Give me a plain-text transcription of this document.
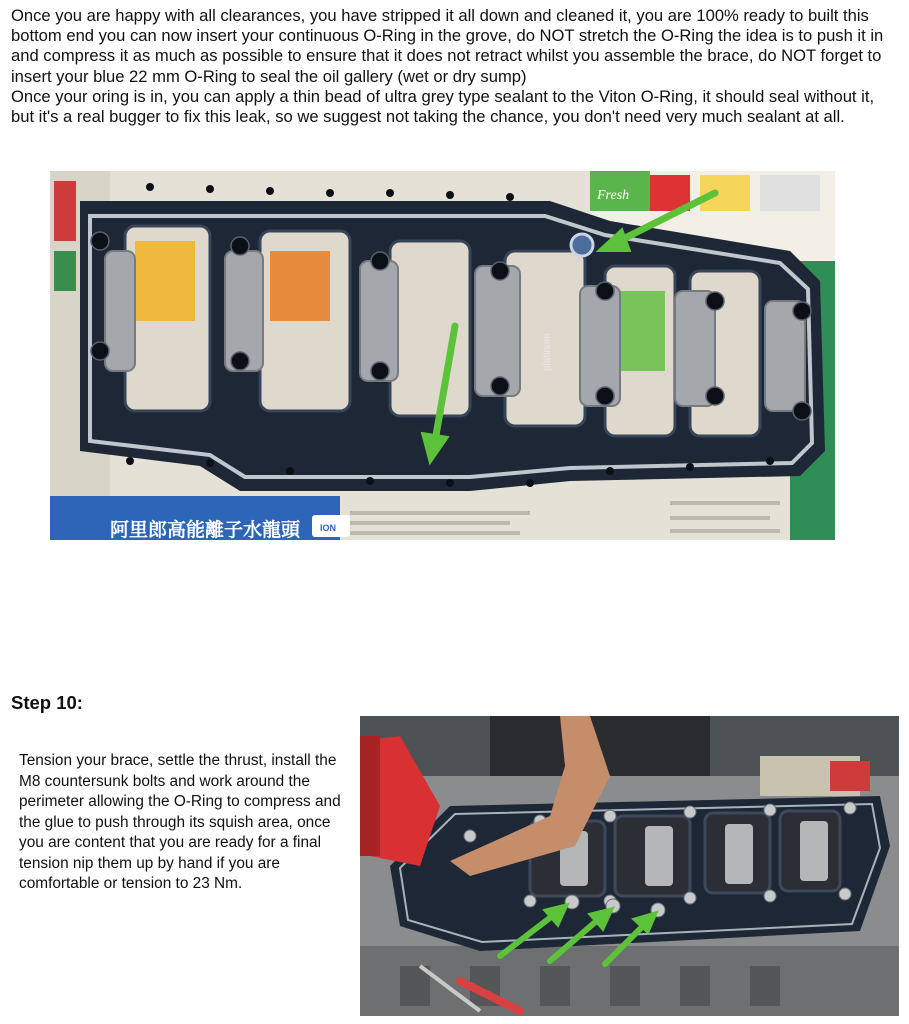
Once you are happy with all clearances, you have stripped it all down and cleaned it, you are 100% ready to built this bottom end you can now insert your continuous O-Ring in the grove, do NOT stretch the O-Ring the idea is to push it in and compress it as much as possible to ensure that it does not retract whilst you assemble the brace, do NOT forget to insert your blue 22 mm O-Ring to seal the oil gallery (wet or dry sump)
Once your oring is in, you can apply a thin bead of ultra grey type sealant to the Viton O-Ring, it should seal without it, but it's a real bugger to fix this leak, so we suggest not taking the chance, you don't need very much sealant at all.

Fresh
阿里郎高能離子水龍頭 ION
platinum
Step 10:

Tension your brace, settle the thrust, install the M8 countersunk bolts and work around the perimeter allowing the O-Ring to compress and the glue to push through its squish area, once you are content that you are ready for a final tension nip them up by hand if you are comfortable or tension to 23 Nm.
